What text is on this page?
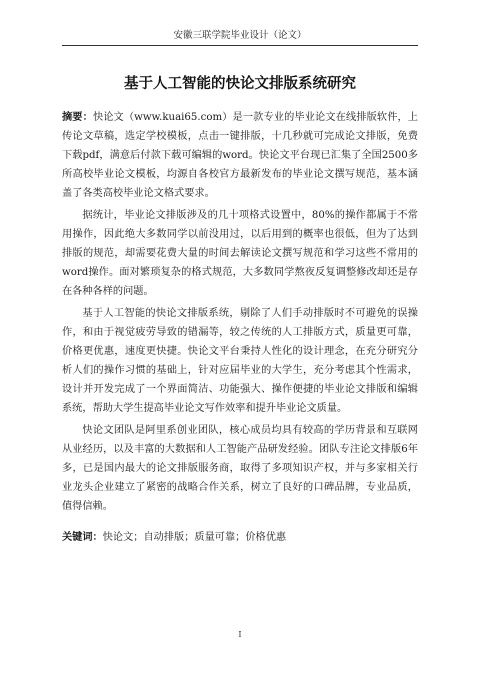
安徽三联学院毕业设计（论文）
基于人工智能的快论文排版系统研究

摘要：快论文（www.kuai65.com）是一款专业的毕业论文在线排版软件，上传论文草稿，选定学校模板，点击一键排版，十几秒就可完成论文排版，免费下载pdf，满意后付款下载可编辑的word。快论文平台现已汇集了全国2500多所高校毕业论文模板，均源自各校官方最新发布的毕业论文撰写规范，基本涵盖了各类高校毕业论文格式要求。

据统计，毕业论文排版涉及的几十项格式设置中，80%的操作都属于不常用操作，因此绝大多数同学以前没用过，以后用到的概率也很低，但为了达到排版的规范，却需要花费大量的时间去解读论文撰写规范和学习这些不常用的word操作。面对繁琐复杂的格式规范，大多数同学熬夜反复调整修改却还是存在各种各样的问题。

基于人工智能的快论文排版系统，剔除了人们手动排版时不可避免的误操作，和由于视觉疲劳导致的错漏等，较之传统的人工排版方式，质量更可靠，价格更优惠，速度更快捷。快论文平台秉持人性化的设计理念，在充分研究分析人们的操作习惯的基础上，针对应届毕业的大学生，充分考虑其个性需求，设计并开发完成了一个界面简洁、功能强大、操作便捷的毕业论文排版和编辑系统，帮助大学生提高毕业论文写作效率和提升毕业论文质量。

快论文团队是阿里系创业团队，核心成员均具有较高的学历背景和互联网从业经历，以及丰富的大数据和人工智能产品研发经验。团队专注论文排版6年多，已是国内最大的论文排版服务商，取得了多项知识产权，并与多家相关行业龙头企业建立了紧密的战略合作关系，树立了良好的口碑品牌，专业品质，值得信赖。

关键词：快论文；自动排版；质量可靠；价格优惠

I
